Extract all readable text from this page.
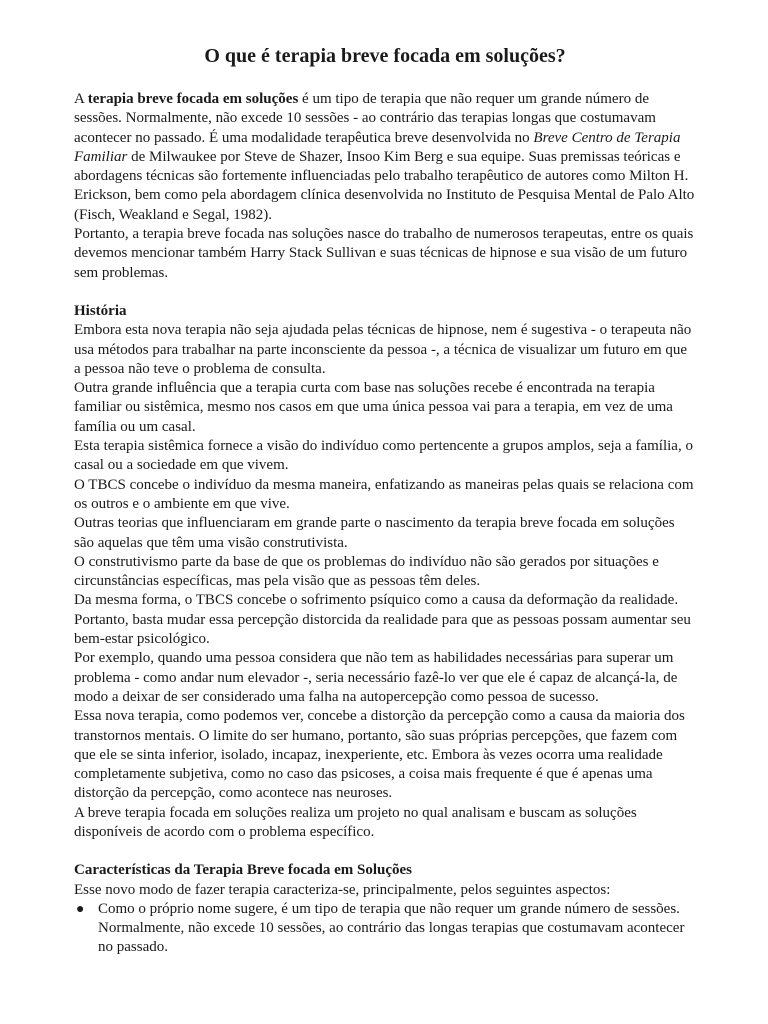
O que é terapia breve focada em soluções?

A terapia breve focada em soluções é um tipo de terapia que não requer um grande número de sessões. Normalmente, não excede 10 sessões - ao contrário das terapias longas que costumavam acontecer no passado. É uma modalidade terapêutica breve desenvolvida no Breve Centro de Terapia Familiar de Milwaukee por Steve de Shazer, Insoo Kim Berg e sua equipe. Suas premissas teóricas e abordagens técnicas são fortemente influenciadas pelo trabalho terapêutico de autores como Milton H. Erickson, bem como pela abordagem clínica desenvolvida no Instituto de Pesquisa Mental de Palo Alto (Fisch, Weakland e Segal, 1982).

Portanto, a terapia breve focada nas soluções nasce do trabalho de numerosos terapeutas, entre os quais devemos mencionar também Harry Stack Sullivan e suas técnicas de hipnose e sua visão de um futuro sem problemas.

História

Embora esta nova terapia não seja ajudada pelas técnicas de hipnose, nem é sugestiva - o terapeuta não usa métodos para trabalhar na parte inconsciente da pessoa -, a técnica de visualizar um futuro em que a pessoa não teve o problema de consulta.

Outra grande influência que a terapia curta com base nas soluções recebe é encontrada na terapia familiar ou sistêmica, mesmo nos casos em que uma única pessoa vai para a terapia, em vez de uma família ou um casal.

Esta terapia sistêmica fornece a visão do indivíduo como pertencente a grupos amplos, seja a família, o casal ou a sociedade em que vivem.

O TBCS concebe o indivíduo da mesma maneira, enfatizando as maneiras pelas quais se relaciona com os outros e o ambiente em que vive.

Outras teorias que influenciaram em grande parte o nascimento da terapia breve focada em soluções são aquelas que têm uma visão construtivista.

O construtivismo parte da base de que os problemas do indivíduo não são gerados por situações e circunstâncias específicas, mas pela visão que as pessoas têm deles.

Da mesma forma, o TBCS concebe o sofrimento psíquico como a causa da deformação da realidade. Portanto, basta mudar essa percepção distorcida da realidade para que as pessoas possam aumentar seu bem-estar psicológico.

Por exemplo, quando uma pessoa considera que não tem as habilidades necessárias para superar um problema - como andar num elevador -, seria necessário fazê-lo ver que ele é capaz de alcançá-la, de modo a deixar de ser considerado uma falha na autopercepção como pessoa de sucesso.

Essa nova terapia, como podemos ver, concebe a distorção da percepção como a causa da maioria dos transtornos mentais. O limite do ser humano, portanto, são suas próprias percepções, que fazem com que ele se sinta inferior, isolado, incapaz, inexperiente, etc. Embora às vezes ocorra uma realidade completamente subjetiva, como no caso das psicoses, a coisa mais frequente é que é apenas uma distorção da percepção, como acontece nas neuroses.

A breve terapia focada em soluções realiza um projeto no qual analisam e buscam as soluções disponíveis de acordo com o problema específico.

Características da Terapia Breve focada em Soluções

Esse novo modo de fazer terapia caracteriza-se, principalmente, pelos seguintes aspectos:

● Como o próprio nome sugere, é um tipo de terapia que não requer um grande número de sessões. Normalmente, não excede 10 sessões, ao contrário das longas terapias que costumavam acontecer no passado.
